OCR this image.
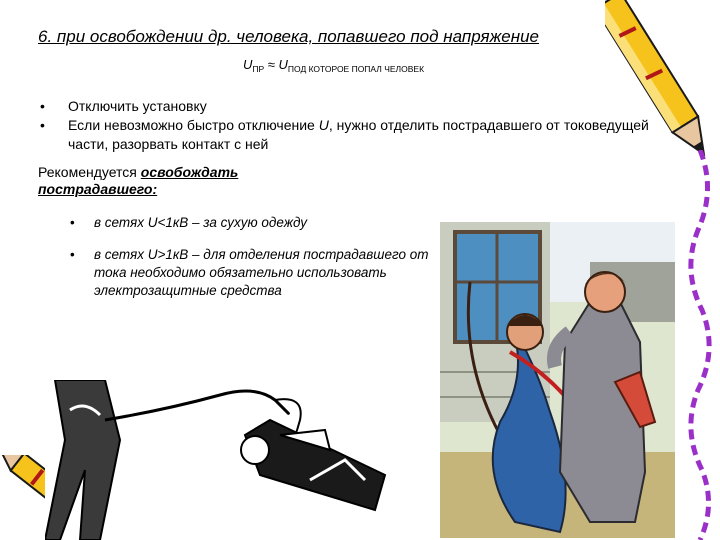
6. при освобождении др. человека, попавшего под напряжение
$U_{ПР} \approx U_{ПОД КОТОРОЕ ПОПАЛ ЧЕЛОВЕК}$
• Отключить установку
• Если невозможно быстро отключение U, нужно отделить пострадавшего от токоведущей части, разорвать контакт с ней
Рекомендуется освобождать пострадавшего:
• в сетях U<1кВ – за сухую одежду
• в сетях U>1кВ – для отделения пострадавшего от тока необходимо обязательно использовать электрозащитные средства
